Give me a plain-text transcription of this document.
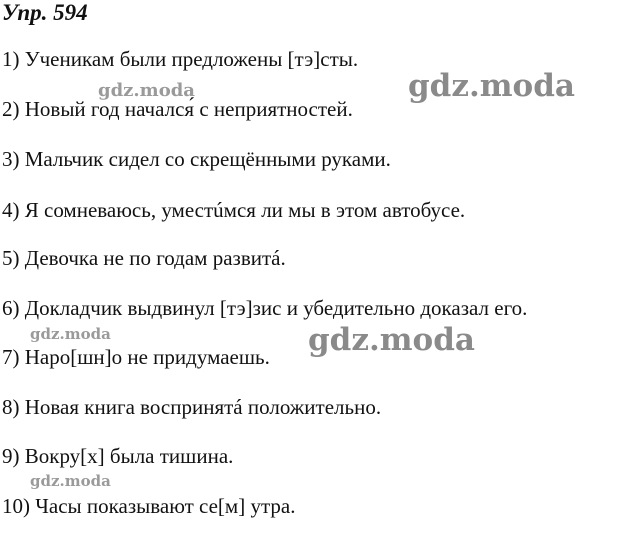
Упр. 594
1) Ученикам были предложены [тэ]сты.
2) Новый год начался́ с неприятностей.
3) Мальчик сидел со скрещёнными руками.
4) Я сомневаюсь, уместúмся ли мы в этом автобусе.
5) Девочка не по годам развитá.
6) Докладчик выдвинул [тэ]зис и убедительно доказал его.
7) Наро[шн]о не придумаешь.
8) Новая книга воспринятá положительно.
9) Вокру[х] была тишина.
10) Часы показывают се[м] утра.
gdz.moda	gdz.moda
gdz.moda	gdz.moda
gdz.moda
